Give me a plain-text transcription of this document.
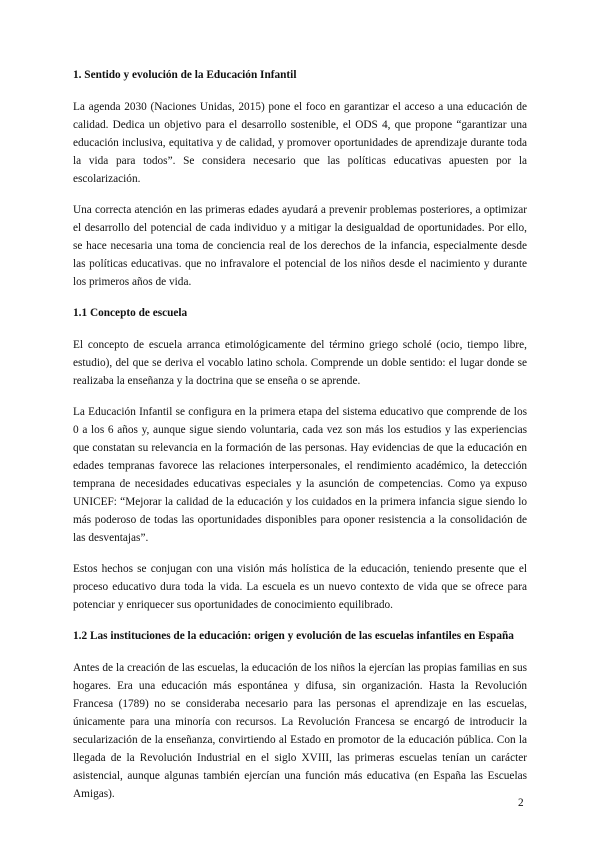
1. Sentido y evolución de la Educación Infantil

La agenda 2030 (Naciones Unidas, 2015) pone el foco en garantizar el acceso a una educación de calidad. Dedica un objetivo para el desarrollo sostenible, el ODS 4, que propone “garantizar una educación inclusiva, equitativa y de calidad, y promover oportunidades de aprendizaje durante toda la vida para todos”. Se considera necesario que las políticas educativas apuesten por la escolarización.

Una correcta atención en las primeras edades ayudará a prevenir problemas posteriores, a optimizar el desarrollo del potencial de cada individuo y a mitigar la desigualdad de oportunidades. Por ello, se hace necesaria una toma de conciencia real de los derechos de la infancia, especialmente desde las políticas educativas. que no infravalore el potencial de los niños desde el nacimiento y durante los primeros años de vida.

1.1 Concepto de escuela

El concepto de escuela arranca etimológicamente del término griego scholé (ocio, tiempo libre, estudio), del que se deriva el vocablo latino schola. Comprende un doble sentido: el lugar donde se realizaba la enseñanza y la doctrina que se enseña o se aprende.

La Educación Infantil se configura en la primera etapa del sistema educativo que comprende de los 0 a los 6 años y, aunque sigue siendo voluntaria, cada vez son más los estudios y las experiencias que constatan su relevancia en la formación de las personas. Hay evidencias de que la educación en edades tempranas favorece las relaciones interpersonales, el rendimiento académico, la detección temprana de necesidades educativas especiales y la asunción de competencias. Como ya expuso UNICEF: “Mejorar la calidad de la educación y los cuidados en la primera infancia sigue siendo lo más poderoso de todas las oportunidades disponibles para oponer resistencia a la consolidación de las desventajas”.

Estos hechos se conjugan con una visión más holística de la educación, teniendo presente que el proceso educativo dura toda la vida. La escuela es un nuevo contexto de vida que se ofrece para potenciar y enriquecer sus oportunidades de conocimiento equilibrado.

1.2 Las instituciones de la educación: origen y evolución de las escuelas infantiles en España

Antes de la creación de las escuelas, la educación de los niños la ejercían las propias familias en sus hogares. Era una educación más espontánea y difusa, sin organización. Hasta la Revolución Francesa (1789) no se consideraba necesario para las personas el aprendizaje en las escuelas, únicamente para una minoría con recursos. La Revolución Francesa se encargó de introducir la secularización de la enseñanza, convirtiendo al Estado en promotor de la educación pública. Con la llegada de la Revolución Industrial en el siglo XVIII, las primeras escuelas tenían un carácter asistencial, aunque algunas también ejercían una función más educativa (en España las Escuelas Amigas).

2
